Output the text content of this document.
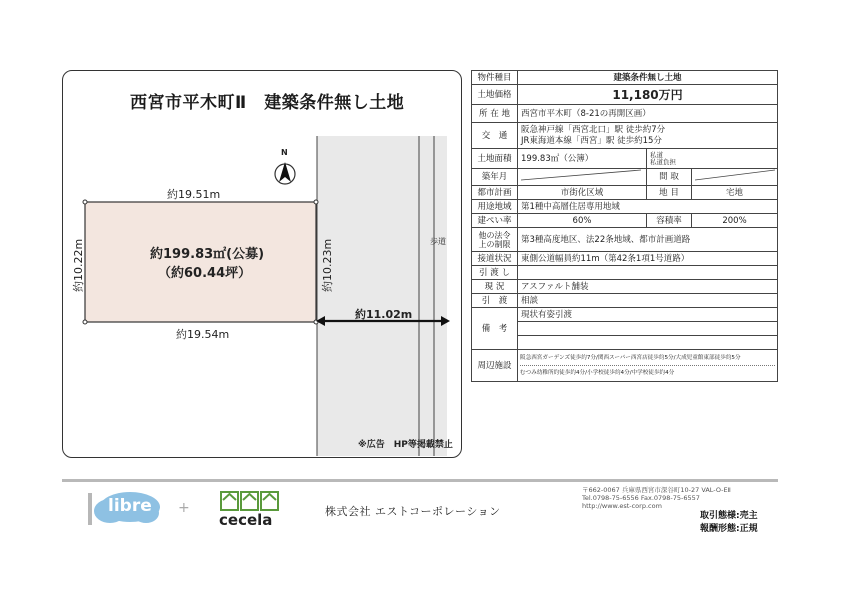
西宮市平木町Ⅱ　建築条件無し土地
N
約19.51m
約19.54m
約10.22m	約10.23m
約199.83㎡(公募)
（約60.44坪）
約11.02m
歩道
※広告　HP等掲載禁止
物件種目	建築条件無し土地		
土地価格	11,180万円		
所 在 地	西宮市平木町（8-21の再開区画）		
交　通	阪急神戸線「西宮北口」駅 徒歩約7分
JR東海道本線「西宮」駅 徒歩約15分		

土地面積	199.83㎡（公簿）	私道
私道負担	

築年月		間 取	
都市計画	市街化区域	地 目	宅地
用途地域	第1種中高層住居専用地域		
建ぺい率	60%	容積率	200%
他の法令上の制限	第3種高度地区、法22条地域、都市計画道路		
接道状況	東側公道幅員約11m（第42条1項1号道路）		
引 渡 し			
現 況	アスファルト舗装		
引　渡	相談		
備　考	現状有姿引渡		

周辺施設	阪急西宮ガーデンズ徒歩約7分/関西スーパー西宮店徒歩約5分/大成児童館東部徒歩約5分
むつみ幼稚所約徒歩約4分/小学校徒歩約4分/中学校徒歩約4分		
libre +
cecela	株式会社 エストコーポレーション
〒662-0067 兵庫県西宮市深谷町10-27 VAL-O-EⅡ
Tel.0798-75-6556 Fax.0798-75-6557
http://www.est-corp.com
取引態様:売主
報酬形態:正規
